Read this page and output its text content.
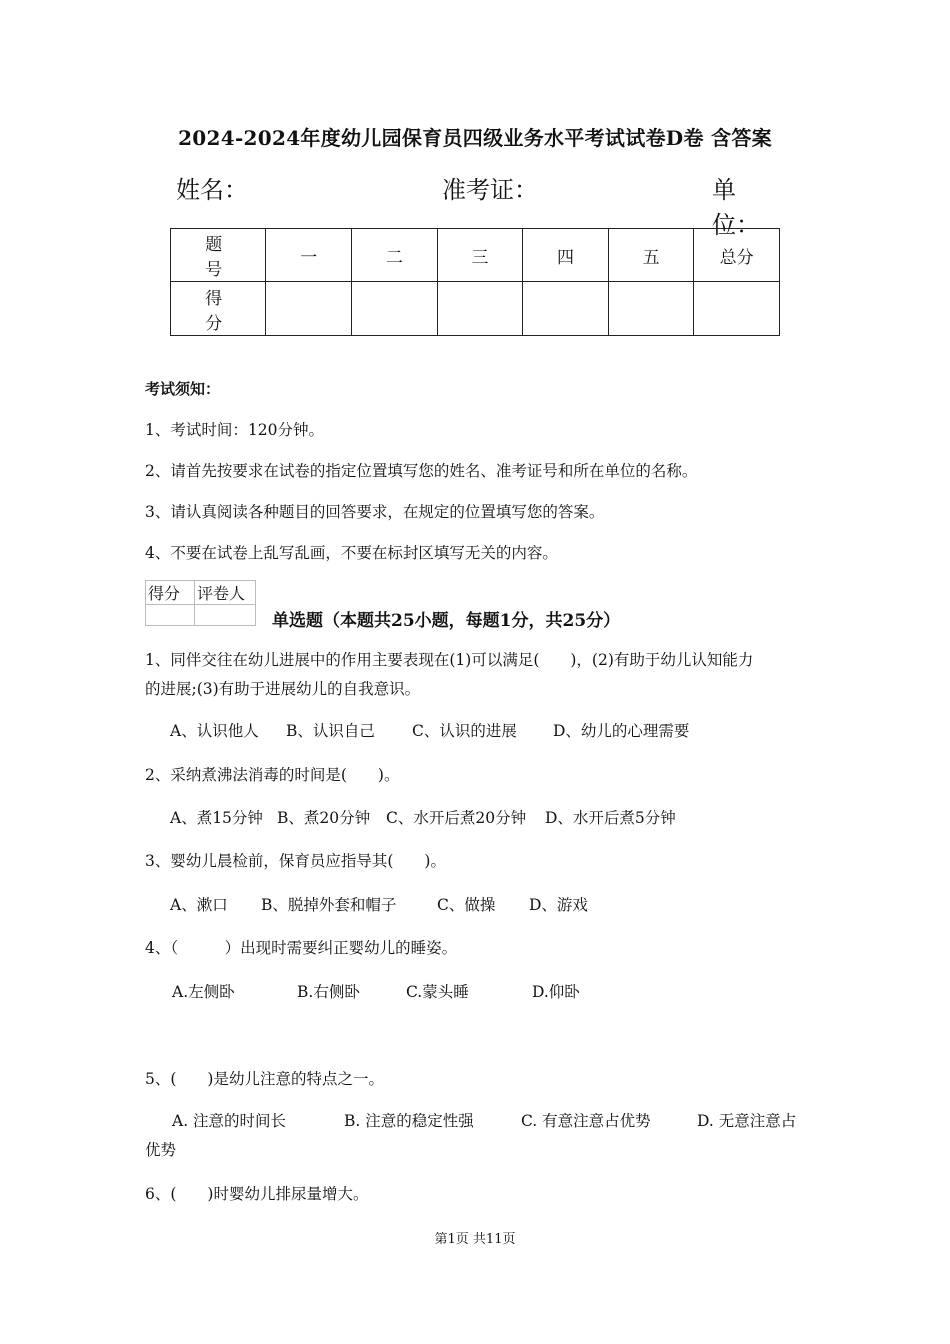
2024-2024年度幼儿园保育员四级业务水平考试试卷D卷 含答案
姓名：	准考证：	单位：
题 号	一	二	三	四	五	总分
得 分						
考试须知：
1、考试时间：120分钟。
2、请首先按要求在试卷的指定位置填写您的姓名、准考证号和所在单位的名称。
3、请认真阅读各种题目的回答要求，在规定的位置填写您的答案。
4、不要在试卷上乱写乱画，不要在标封区填写无关的内容。
得分	评卷人

单选题（本题共25小题，每题1分，共25分）
1、同伴交往在幼儿进展中的作用主要表现在(1)可以满足(　　)，(2)有助于幼儿认知能力
的进展;(3)有助于进展幼儿的自我意识。
A、认识他人 B、认识自己 C、认识的进展 D、幼儿的心理需要
2、采纳煮沸法消毒的时间是(　　)。
A、煮15分钟 B、煮20分钟 C、水开后煮20分钟 D、水开后煮5分钟
3、婴幼儿晨检前，保育员应指导其(　　)。
A、漱口 B、脱掉外套和帽子	C、做操 D、游戏
4、（　　　）出现时需要纠正婴幼儿的睡姿。
A.左侧卧	B.右侧卧	C.蒙头睡	D.仰卧
5、(　　)是幼儿注意的特点之一。
A. 注意的时间长	B. 注意的稳定性强	C. 有意注意占优势	D. 无意注意占
优势
6、(　　)时婴幼儿排尿量增大。
第1页 共11页
